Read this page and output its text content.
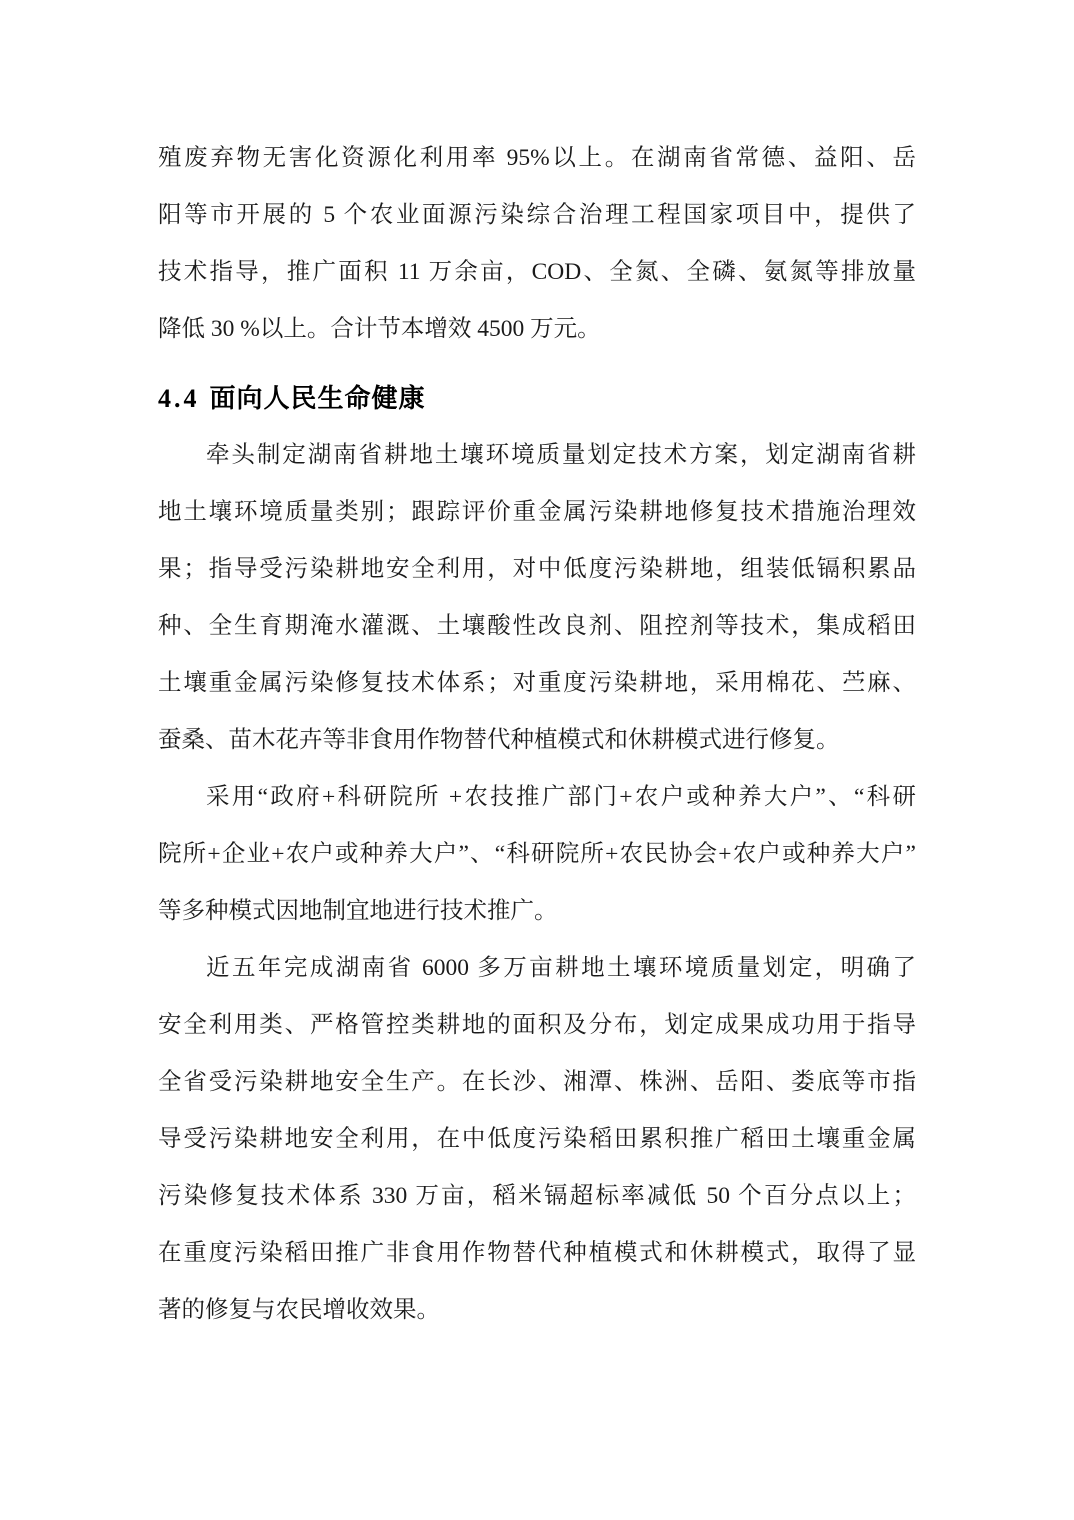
殖废弃物无害化资源化利用率 95%以上。在湖南省常德、益阳、岳
阳等市开展的 5 个农业面源污染综合治理工程国家项目中，提供了
技术指导，推广面积 11 万余亩，COD、全氮、全磷、氨氮等排放量
降低 30 %以上。合计节本增效 4500 万元。
4.4 面向人民生命健康
牵头制定湖南省耕地土壤环境质量划定技术方案，划定湖南省耕
地土壤环境质量类别；跟踪评价重金属污染耕地修复技术措施治理效
果；指导受污染耕地安全利用，对中低度污染耕地，组装低镉积累品
种、全生育期淹水灌溉、土壤酸性改良剂、阻控剂等技术，集成稻田
土壤重金属污染修复技术体系；对重度污染耕地，采用棉花、苎麻、
蚕桑、苗木花卉等非食用作物替代种植模式和休耕模式进行修复。
采用“政府+科研院所 +农技推广部门+农户或种养大户”、“科研
院所+企业+农户或种养大户”、“科研院所+农民协会+农户或种养大户”
等多种模式因地制宜地进行技术推广。
近五年完成湖南省 6000 多万亩耕地土壤环境质量划定，明确了
安全利用类、严格管控类耕地的面积及分布，划定成果成功用于指导
全省受污染耕地安全生产。在长沙、湘潭、株洲、岳阳、娄底等市指
导受污染耕地安全利用，在中低度污染稻田累积推广稻田土壤重金属
污染修复技术体系 330 万亩，稻米镉超标率减低 50 个百分点以上；
在重度污染稻田推广非食用作物替代种植模式和休耕模式，取得了显
著的修复与农民增收效果。
